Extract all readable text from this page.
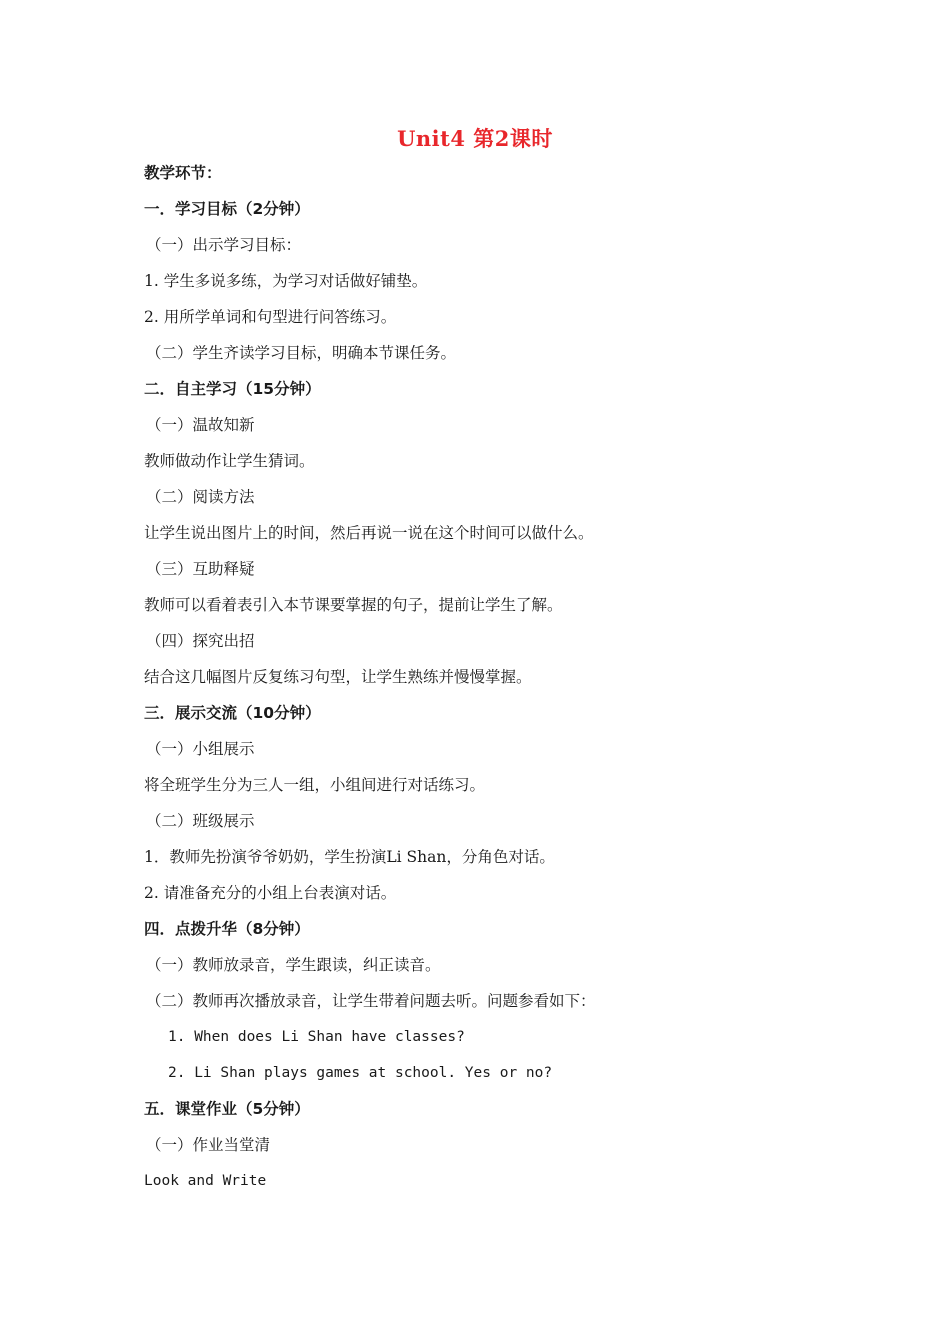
Unit4 第2课时
教学环节：
一．学习目标（2分钟）
（一）出示学习目标：
1. 学生多说多练，为学习对话做好铺垫。
2. 用所学单词和句型进行问答练习。
（二）学生齐读学习目标，明确本节课任务。
二．自主学习（15分钟）
（一）温故知新
教师做动作让学生猜词。
（二）阅读方法
让学生说出图片上的时间，然后再说一说在这个时间可以做什么。
（三）互助释疑
教师可以看着表引入本节课要掌握的句子，提前让学生了解。
（四）探究出招
结合这几幅图片反复练习句型，让学生熟练并慢慢掌握。
三．展示交流（10分钟）
（一）小组展示
将全班学生分为三人一组，小组间进行对话练习。
（二）班级展示
1．教师先扮演爷爷奶奶，学生扮演Li Shan，分角色对话。
2. 请准备充分的小组上台表演对话。
四．点拨升华（8分钟）
（一）教师放录音，学生跟读，纠正读音。
（二）教师再次播放录音，让学生带着问题去听。问题参看如下：
1. When does Li Shan have classes?
2. Li Shan plays games at school. Yes or no?
五．课堂作业（5分钟）
（一）作业当堂清
Look and Write
